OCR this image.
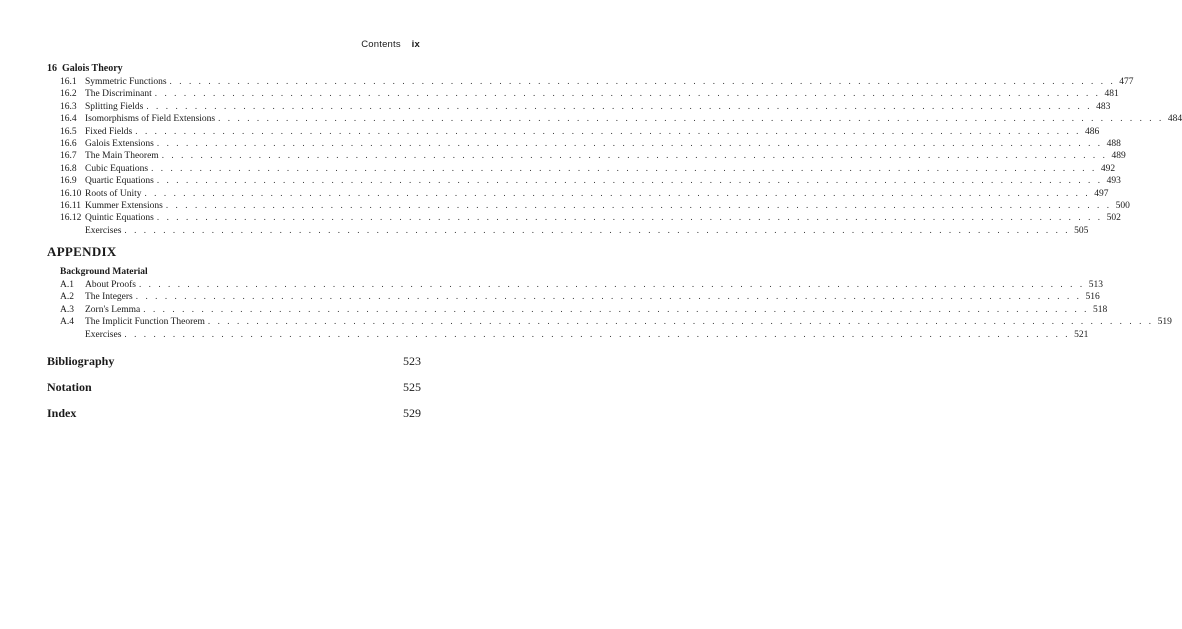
Contents ix
16 Galois Theory
16.1 Symmetric Functions . . . . . . . . . . . . . . . . . . . . . . . . . . . . . . . . . . . . . . . . . . . . . . . . . . . . . . . . . . . . . . . . . . . . . . . . . . . . . . . . . . . . . . . . . . . . . . . . . . 477
16.2 The Discriminant . . . . . . . . . . . . . . . . . . . . . . . . . . . . . . . . . . . . . . . . . . . . . . . . . . . . . . . . . . . . . . . . . . . . . . . . . . . . . . . . . . . . . . . . . . . . . . . . . . 481
16.3 Splitting Fields . . . . . . . . . . . . . . . . . . . . . . . . . . . . . . . . . . . . . . . . . . . . . . . . . . . . . . . . . . . . . . . . . . . . . . . . . . . . . . . . . . . . . . . . . . . . . . . . . . 483
16.4 Isomorphisms of Field Extensions . . . . . . . . . . . . . . . . . . . . . . . . . . . . . . . . . . . . . . . . . . . . . . . . . . . . . . . . . . . . . . . . . . . . . . . . . . . . . . . . . . . . . . . . . . . . . . . . . . 484
16.5 Fixed Fields . . . . . . . . . . . . . . . . . . . . . . . . . . . . . . . . . . . . . . . . . . . . . . . . . . . . . . . . . . . . . . . . . . . . . . . . . . . . . . . . . . . . . . . . . . . . . . . . . . 486
16.6 Galois Extensions . . . . . . . . . . . . . . . . . . . . . . . . . . . . . . . . . . . . . . . . . . . . . . . . . . . . . . . . . . . . . . . . . . . . . . . . . . . . . . . . . . . . . . . . . . . . . . . . . . 488
16.7 The Main Theorem . . . . . . . . . . . . . . . . . . . . . . . . . . . . . . . . . . . . . . . . . . . . . . . . . . . . . . . . . . . . . . . . . . . . . . . . . . . . . . . . . . . . . . . . . . . . . . . . . . 489
16.8 Cubic Equations . . . . . . . . . . . . . . . . . . . . . . . . . . . . . . . . . . . . . . . . . . . . . . . . . . . . . . . . . . . . . . . . . . . . . . . . . . . . . . . . . . . . . . . . . . . . . . . . . . 492
16.9 Quartic Equations . . . . . . . . . . . . . . . . . . . . . . . . . . . . . . . . . . . . . . . . . . . . . . . . . . . . . . . . . . . . . . . . . . . . . . . . . . . . . . . . . . . . . . . . . . . . . . . . . . 493
16.10 Roots of Unity . . . . . . . . . . . . . . . . . . . . . . . . . . . . . . . . . . . . . . . . . . . . . . . . . . . . . . . . . . . . . . . . . . . . . . . . . . . . . . . . . . . . . . . . . . . . . . . . . . 497
16.11 Kummer Extensions . . . . . . . . . . . . . . . . . . . . . . . . . . . . . . . . . . . . . . . . . . . . . . . . . . . . . . . . . . . . . . . . . . . . . . . . . . . . . . . . . . . . . . . . . . . . . . . . . . 500
16.12 Quintic Equations . . . . . . . . . . . . . . . . . . . . . . . . . . . . . . . . . . . . . . . . . . . . . . . . . . . . . . . . . . . . . . . . . . . . . . . . . . . . . . . . . . . . . . . . . . . . . . . . . . 502
Exercises . . . . . . . . . . . . . . . . . . . . . . . . . . . . . . . . . . . . . . . . . . . . . . . . . . . . . . . . . . . . . . . . . . . . . . . . . . . . . . . . . . . . . . . . . . . . . . . . . . 505
APPENDIX
Background Material
A.1	About Proofs . . . . . . . . . . . . . . . . . . . . . . . . . . . . . . . . . . . . . . . . . . . . . . . . . . . . . . . . . . . . . . . . . . . . . . . . . . . . . . . . . . . . . . . . . . . . . . . . . . 513
A.2	The Integers . . . . . . . . . . . . . . . . . . . . . . . . . . . . . . . . . . . . . . . . . . . . . . . . . . . . . . . . . . . . . . . . . . . . . . . . . . . . . . . . . . . . . . . . . . . . . . . . . . 516
A.3	Zorn's Lemma . . . . . . . . . . . . . . . . . . . . . . . . . . . . . . . . . . . . . . . . . . . . . . . . . . . . . . . . . . . . . . . . . . . . . . . . . . . . . . . . . . . . . . . . . . . . . . . . . . 518
A.4	The Implicit Function Theorem . . . . . . . . . . . . . . . . . . . . . . . . . . . . . . . . . . . . . . . . . . . . . . . . . . . . . . . . . . . . . . . . . . . . . . . . . . . . . . . . . . . . . . . . . . . . . . . . . . 519
Exercises . . . . . . . . . . . . . . . . . . . . . . . . . . . . . . . . . . . . . . . . . . . . . . . . . . . . . . . . . . . . . . . . . . . . . . . . . . . . . . . . . . . . . . . . . . . . . . . . . . 521
Bibliography	523
Notation	525
Index	529
